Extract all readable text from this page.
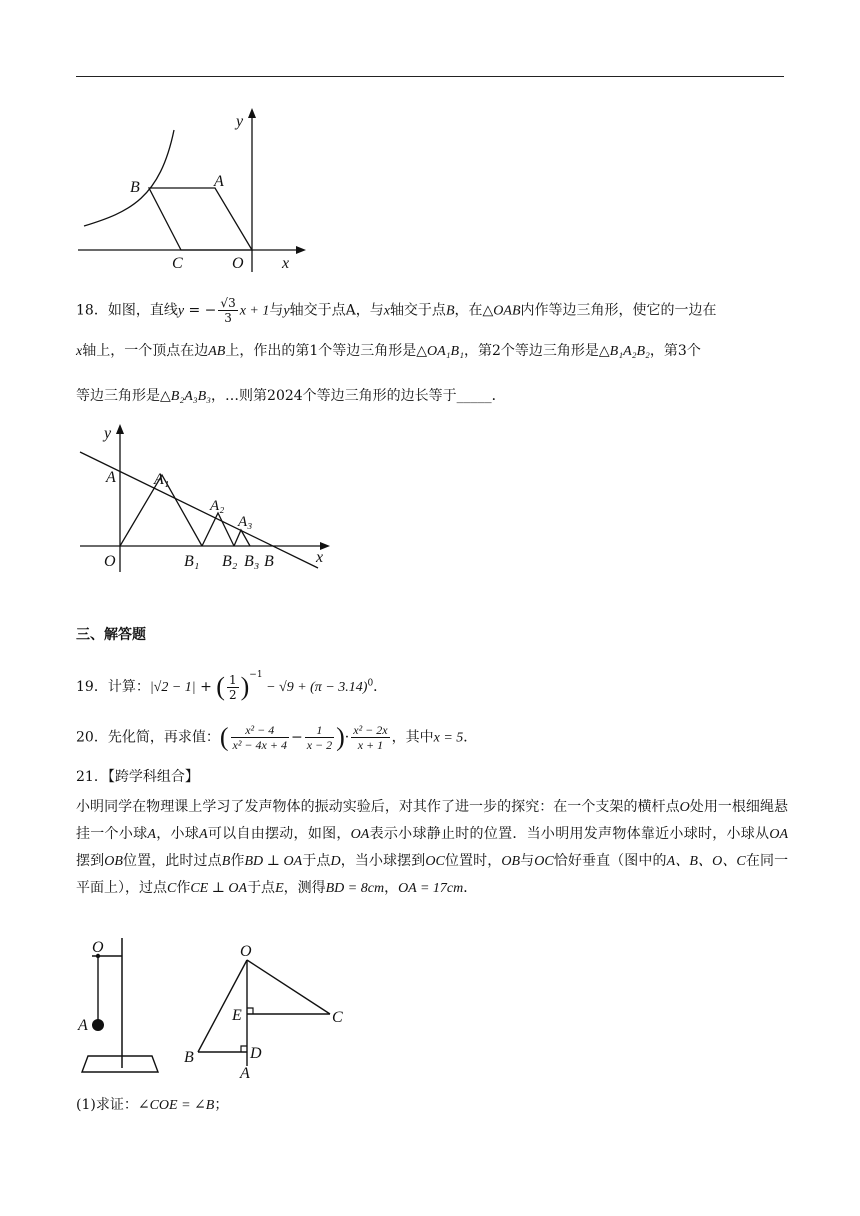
y
x
B	A
C	O
18．如图，直线y = − $\frac{√3}{3}$ x + 1与y轴交于点A，与x轴交于点B，在△OAB内作等边三角形，使它的一边在
x轴上，一个顶点在边AB上，作出的第1个等边三角形是△OA₁B₁，第2个等边三角形是△B₁A₂B₂，第3个
等边三角形是△B₂A₃B₃，…则第2024个等边三角形的边长等于_____．
y
x
A A₁
A₂
A₃
O	B₁ B₂ B₃ B
三、解答题
19．计算：|√2 − 1| + ( $\frac{1}{2} )^{-1} - √9 + (\pi - 3.14)^0$．
20．先化简，再求值：( $\frac{\text{x² − 4}}{\text{x² − 4x + 4}} - \frac{1}{x - 2}$ )· $\frac{\text{x² − 2x}}{x + 1}$ ，其中x = 5．
21．【跨学科组合】
小明同学在物理课上学习了发声物体的振动实验后，对其作了进一步的探究：在一个支架的横杆点O处用一根细绳悬挂一个小球A，小球A可以自由摆动，如图，OA表示小球静止时的位置．当小明用发声物体靠近小球时，小球从OA摆到OB位置，此时过点B作BD ⊥ OA于点D，当小球摆到OC位置时，OB与OC恰好垂直（图中的A、B、O、C在同一平面上），过点C作CE ⊥ OA于点E，测得BD = 8cm，OA = 17cm．
O
A
O
E	C
B	D
A
(1)求证：∠COE = ∠B；
